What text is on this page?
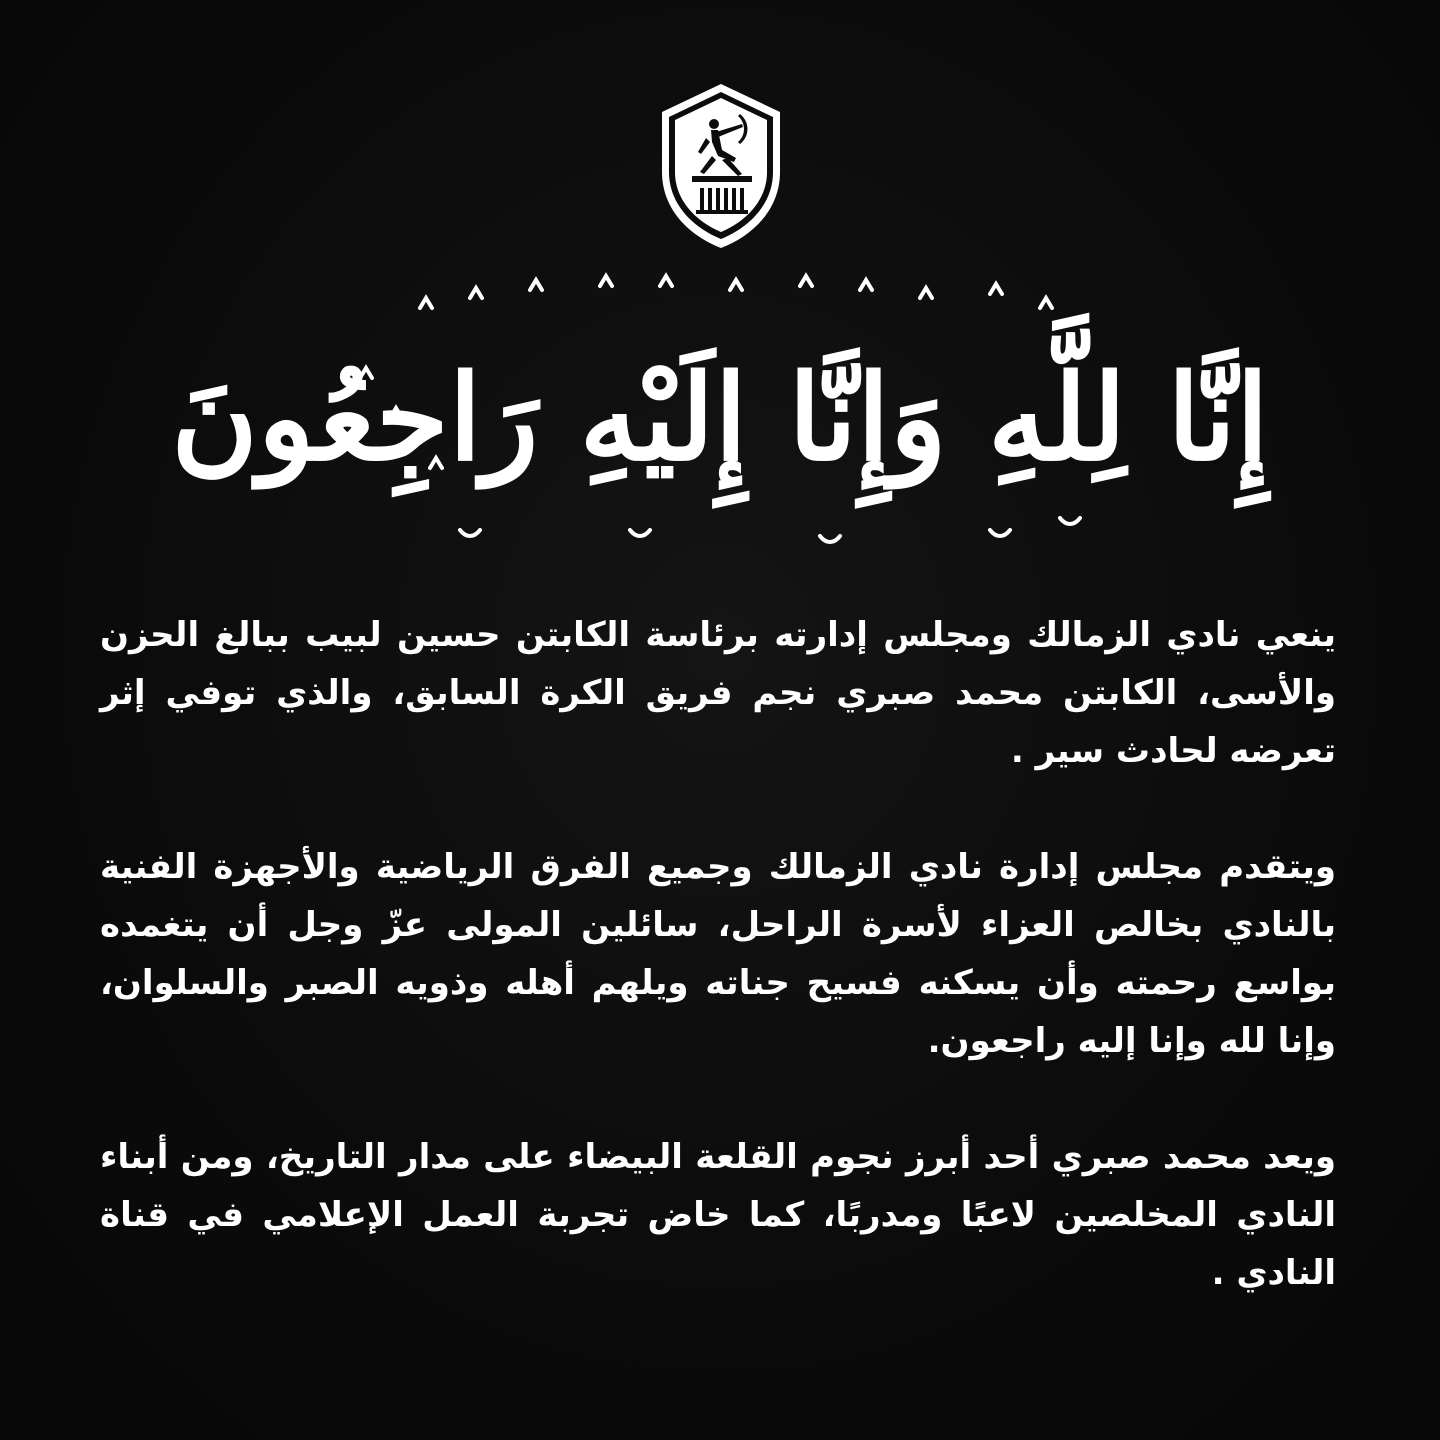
إِنَّا لِلَّهِ وَإِنَّا إِلَيْهِ رَاجِعُونَ

ينعي نادي الزمالك ومجلس إدارته برئاسة الكابتن حسين لبيب ببالغ الحزن والأسى، الكابتن محمد صبري نجم فريق الكرة السابق، والذي توفي إثر تعرضه لحادث سير .

ويتقدم مجلس إدارة نادي الزمالك وجميع الفرق الرياضية والأجهزة الفنية بالنادي بخالص العزاء لأسرة الراحل، سائلين المولى عزّ وجل أن يتغمده بواسع رحمته وأن يسكنه فسيح جناته ويلهم أهله وذويه الصبر والسلوان، وإنا لله وإنا إليه راجعون.

ويعد محمد صبري أحد أبرز نجوم القلعة البيضاء على مدار التاريخ، ومن أبناء النادي المخلصين لاعبًا ومدربًا، كما خاض تجربة العمل الإعلامي في قناة النادي .
